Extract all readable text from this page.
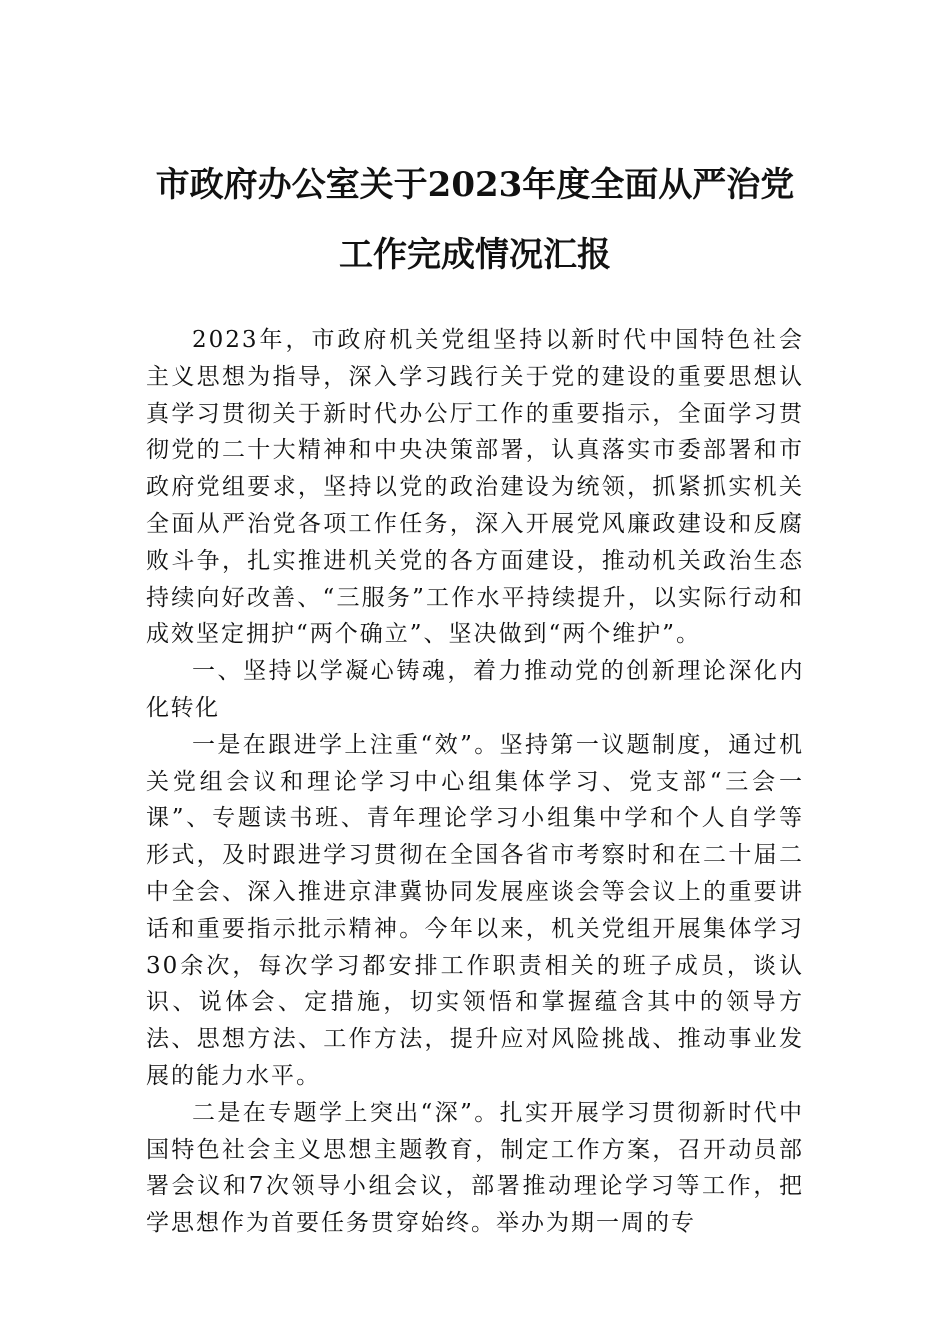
市政府办公室关于2023年度全面从严治党
工作完成情况汇报

2023年，市政府机关党组坚持以新时代中国特色社会主义思想为指导，深入学习践行关于党的建设的重要思想认真学习贯彻关于新时代办公厅工作的重要指示，全面学习贯彻党的二十大精神和中央决策部署，认真落实市委部署和市政府党组要求，坚持以党的政治建设为统领，抓紧抓实机关全面从严治党各项工作任务，深入开展党风廉政建设和反腐败斗争，扎实推进机关党的各方面建设，推动机关政治生态持续向好改善、“三服务”工作水平持续提升，以实际行动和成效坚定拥护“两个确立”、坚决做到“两个维护”。

一、坚持以学凝心铸魂，着力推动党的创新理论深化内化转化

一是在跟进学上注重“效”。坚持第一议题制度，通过机关党组会议和理论学习中心组集体学习、党支部“三会一课”、专题读书班、青年理论学习小组集中学和个人自学等形式，及时跟进学习贯彻在全国各省市考察时和在二十届二中全会、深入推进京津冀协同发展座谈会等会议上的重要讲话和重要指示批示精神。今年以来，机关党组开展集体学习30余次，每次学习都安排工作职责相关的班子成员，谈认识、说体会、定措施，切实领悟和掌握蕴含其中的领导方法、思想方法、工作方法，提升应对风险挑战、推动事业发展的能力水平。

二是在专题学上突出“深”。扎实开展学习贯彻新时代中国特色社会主义思想主题教育，制定工作方案，召开动员部署会议和7次领导小组会议，部署推动理论学习等工作，把学思想作为首要任务贯穿始终。举办为期一周的专
